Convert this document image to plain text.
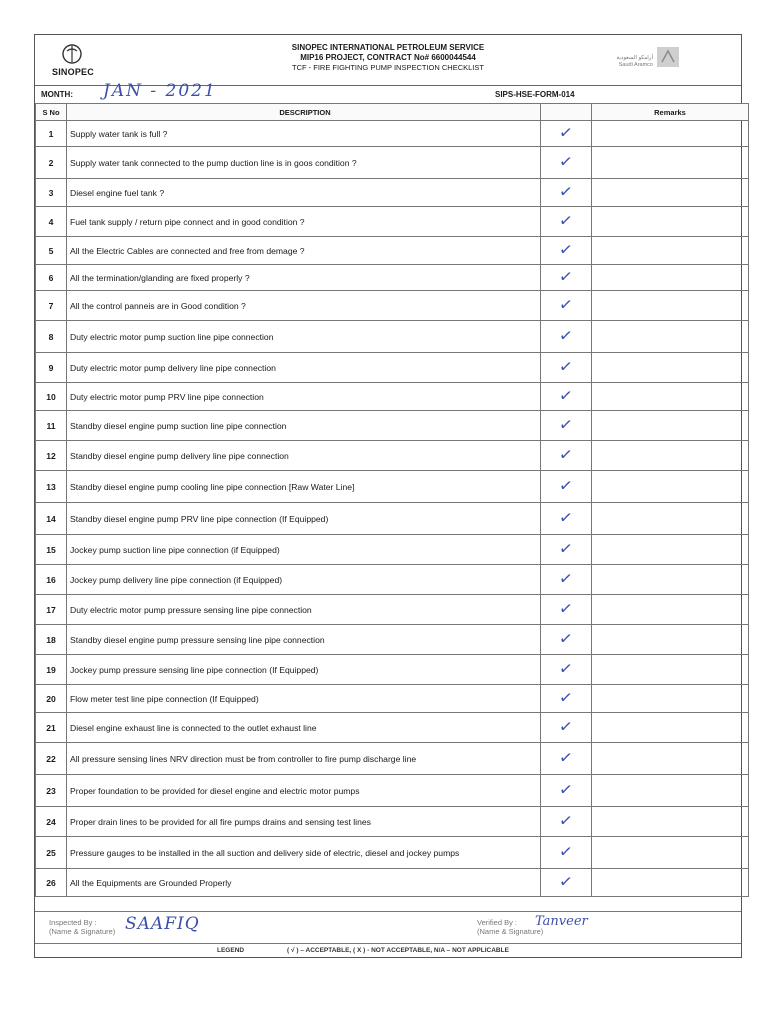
SINOPEC
SINOPEC INTERNATIONAL PETROLEUM SERVICE
MIP16 PROJECT, CONTRACT No# 6600044544
TCF - FIRE FIGHTING PUMP INSPECTION CHECKLIST
أرامكو السعودية
Saudi Aramco
MONTH: JAN - 2021	SIPS-HSE-FORM-014
S No	DESCRIPTION		Remarks
1	Supply water tank is full ?	✓	
2	Supply water tank connected to the pump duction line is in goos condition ?	✓	
3	Diesel engine fuel tank ?	✓	
4	Fuel tank supply / return pipe connect and in good condition ?	✓	
5	All the Electric Cables are connected and free from demage ?	✓	
6	All the termination/glanding are fixed properly ?	✓	
7	All the control panneis are in Good condition ?	✓	
8	Duty electric motor pump suction line pipe connection	✓	
9	Duty electric motor pump delivery line pipe connection	✓	
10	Duty electric motor pump PRV line pipe connection	✓	
11	Standby diesel engine pump suction line pipe connection	✓	
12	Standby diesel engine pump delivery line pipe connection	✓	
13	Standby diesel engine pump cooling line pipe connection [Raw Water Line]	✓	
14	Standby diesel engine pump PRV line pipe connection (If Equipped)	✓	
15	Jockey pump suction line pipe connection (if Equipped)	✓	
16	Jockey pump delivery line pipe connection (if Equipped)	✓	
17	Duty electric motor pump pressure sensing line pipe connection	✓	
18	Standby diesel engine pump pressure sensing line pipe connection	✓	
19	Jockey pump pressure sensing line pipe connection (If Equipped)	✓	
20	Flow meter test line pipe connection (If Equipped)	✓	
21	Diesel engine exhaust line is connected to the outlet exhaust line	✓	
22	All pressure sensing lines NRV direction must be from controller to fire pump discharge line	✓	
23	Proper foundation to be provided for diesel engine and electric motor pumps	✓	
24	Proper drain lines to be provided for all fire pumps drains and sensing test lines	✓	
25	Pressure gauges to be installed in the all suction and delivery side of electric, diesel and jockey pumps	✓	
26	All the Equipments are Grounded Properly	✓	
Inspected By :
(Name & Signature) SAAFIQ	Verified By :
(Name & Signature)
Tanveer
LEGEND	( √ ) – ACCEPTABLE, ( X ) - NOT ACCEPTABLE, N/A – NOT APPLICABLE
